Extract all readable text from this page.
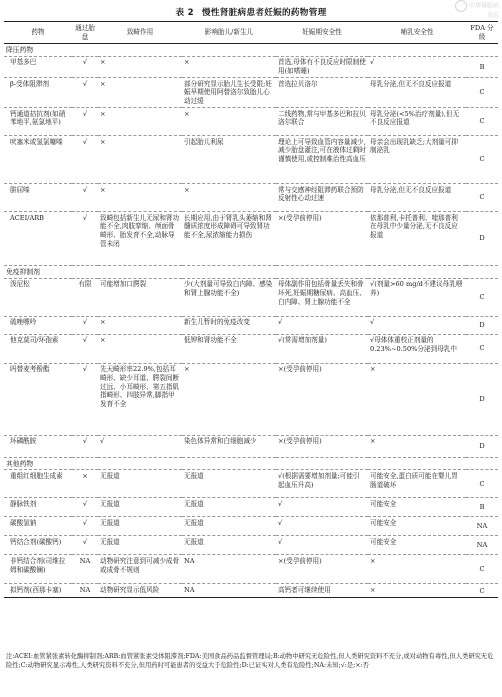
中华肾脏病
杂志
表 2 慢性肾脏病患者妊娠的药物管理
药物	通过胎盘	致畸作用	影响胎儿/新生儿	妊娠期安全性	哺乳安全性	FDA 分级
降压药物						
甲基多巴	√	×	×	首选,母体有不良反应时限制使用(如嗜睡)	√	B
β-受体阻滞剂	√	×	部分研究显示胎儿生长受限;妊娠早期使用阿替洛尔致胎儿心动过缓	首选拉贝洛尔	母乳分泌,但无不良反应报道	C
钙通道拮抗剂(如硝苯地平,氨氯地平)	√	×	×	二线药物,常与甲基多巴和拉贝洛尔联合	母乳分泌(<5%治疗剂量),但无不良反应报道	C
吠塞米或氢氯噻嗪	√	×	引起胎儿利尿	理论上可导致血管内容量减少,减少胎盘灌注,可在液体过剩时谨慎使用,或控制难治性高血压	母亲会出现乳缺乏;大剂量可抑制泌乳	C
肼屈嗪	√	×	×	常与交感神经阻滞药联合预防反射性心动过速	母乳分泌,但无不良反应报道	C
ACEI/ARB	√	致畸包括新生儿无尿和肾功能不全,肉肢挛缩、颅面骨畸形、胎发育不全,动脉导管未闭	长期应用,由于肾乳头萎缩和肾髓质浓度形成障碍可导致肾功能不全,尿浓缩能力损伤	×(受孕前停用)	依那普利,卡托普利、喹那普利在母乳中少量分泌,无不良反应报道	D
免疫抑制剂						
泼尼松	有限	可能增加口腭裂	少(大剂量可导致白内障、感染和肾上腺功能不全)	母体副作用包括骨量丢失和骨坏死,妊娠期糖尿病、高血压、白内障、肾上腺功能不全	√(剂量>60 mg/d不建议母乳喂养)	C
硫唑嘌呤	√	×	新生儿暂时的免疫改变	√	√	D
他克莫司/环孢素	√	×	低钾和肾功能不全	√(常需增加剂量)	√母体体重校正剂量的 0.23%~0.50%分泌到母乳中	C
吗替麦考酚酯	√	先天畸形率22.9%,包括耳畸形、缺少耳道、腭裂间断过远、小耳畸形、第五指肌指畸形、四肢异常,脚指甲发育不全	×	×(受孕前停用)	×	D
环磷酰胺	√	√	染色体异常和白细胞减少	×(受孕前停用)	×	D
其他药物						
重组红细胞生成素	×	无报道	无报道	√(根据需要增加剂量;可能引起血压升高)	可能安全,蛋白质可能在婴儿胃肠道破坏	C
静脉铁剂	√	无报道	无报道	√	可能安全	B
碳酸氢钠	√	无报道	无报道	√	可能安全	NA
钙结合剂(碳酸钙)	√	无报道	无报道	√	可能安全	NA
非钙结合剂(司维拉姆和碳酸镧)	NA	动物研究注意到可减少成骨或成骨不规则	NA	×(受孕前停用)	×	C
拟钙剂(西那卡塞)	NA	动物研究显示低风险	NA	高钙者可继续使用	×	C
注:ACEI:血管紧张素转化酶抑制剂;ARB:血管紧张素受体阻滞剂;FDA:美国食品药品监督管理局;B:动物中研究无危险性,但人类研究资料不充分,或对动物有毒性,但人类研究无危险性;C:动物研究显示毒性,人类研究资料不充分,但用药时可能患者的受益大于危险性;D:已证实对人类有危险性;NA:未知;√:是;×:否
